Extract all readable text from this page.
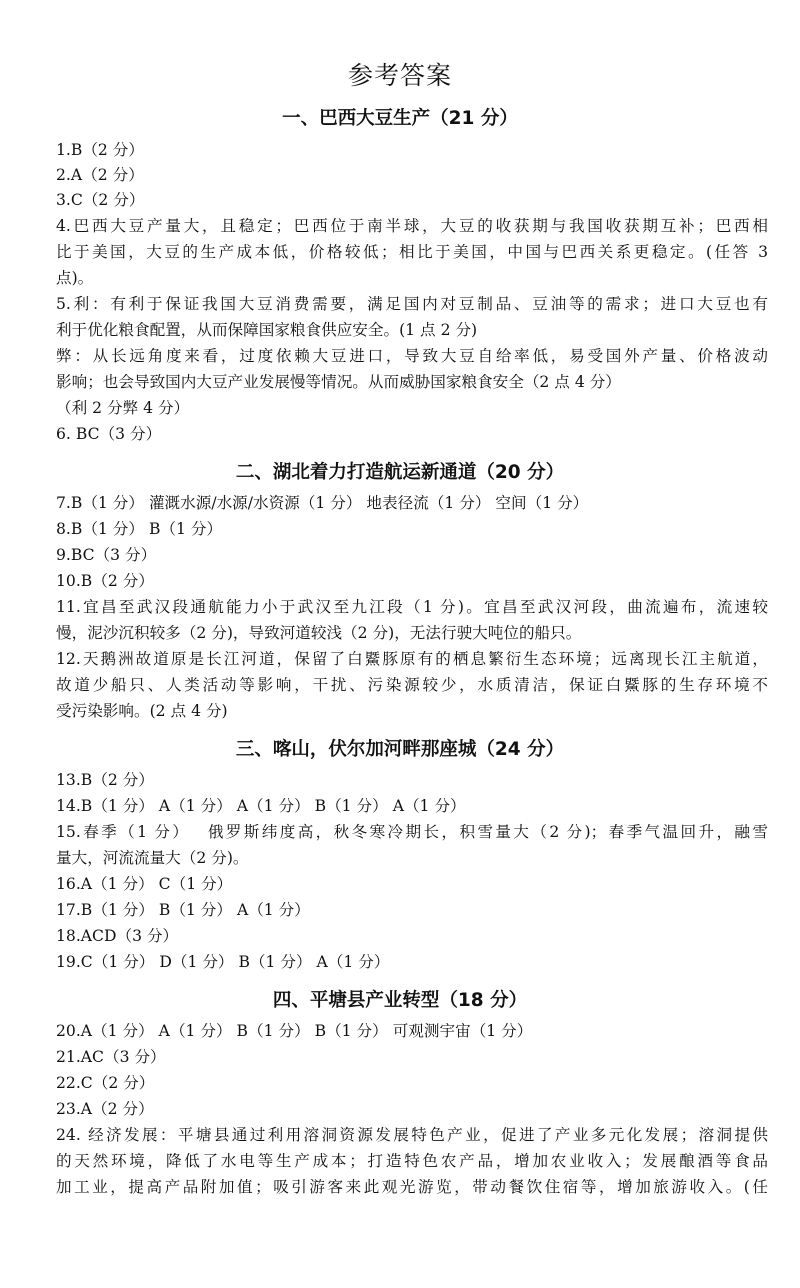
参考答案
一、巴西大豆生产（21 分）
1.B（2 分）
2.A（2 分）
3.C（2 分）
4.巴西大豆产量大，且稳定；巴西位于南半球，大豆的收获期与我国收获期互补；巴西相
比于美国，大豆的生产成本低，价格较低；相比于美国，中国与巴西关系更稳定。(任答 3
点)。
5.利：有利于保证我国大豆消费需要，满足国内对豆制品、豆油等的需求；进口大豆也有
利于优化粮食配置，从而保障国家粮食供应安全。(1 点 2 分)
弊：从长远角度来看，过度依赖大豆进口，导致大豆自给率低，易受国外产量、价格波动
影响；也会导致国内大豆产业发展慢等情况。从而威胁国家粮食安全（2 点 4 分）
（利 2 分弊 4 分）
6. BC（3 分）
二、湖北着力打造航运新通道（20 分）
7.B（1 分） 灌溉水源/水源/水资源（1 分） 地表径流（1 分） 空间（1 分）
8.B（1 分） B（1 分）
9.BC（3 分）
10.B（2 分）
11.宜昌至武汉段通航能力小于武汉至九江段（1 分)。宜昌至武汉河段，曲流遍布，流速较
慢，泥沙沉积较多（2 分)，导致河道较浅（2 分)，无法行驶大吨位的船只。
12.天鹅洲故道原是长江河道，保留了白鱀豚原有的栖息繁衍生态环境；远离现长江主航道，
故道少船只、人类活动等影响，干扰、污染源较少，水质清洁，保证白鱀豚的生存环境不
受污染影响。(2 点 4 分)
三、喀山，伏尔加河畔那座城（24 分）
13.B（2 分）
14.B（1 分） A（1 分） A（1 分） B（1 分） A（1 分）
15.春季（1 分）　 俄罗斯纬度高，秋冬寒冷期长，积雪量大（2 分)；春季气温回升，融雪
量大，河流流量大（2 分)。
16.A（1 分） C（1 分）
17.B（1 分） B（1 分） A（1 分）
18.ACD（3 分）
19.C（1 分） D（1 分） B（1 分） A（1 分）
四、平塘县产业转型（18 分）
20.A（1 分） A（1 分） B（1 分） B（1 分） 可观测宇宙（1 分）
21.AC（3 分）
22.C（2 分）
23.A（2 分）
24. 经济发展：平塘县通过利用溶洞资源发展特色产业，促进了产业多元化发展；溶洞提供
的天然环境，降低了水电等生产成本；打造特色农产品，增加农业收入；发展酿酒等食品
加工业，提高产品附加值；吸引游客来此观光游览，带动餐饮住宿等，增加旅游收入。(任
